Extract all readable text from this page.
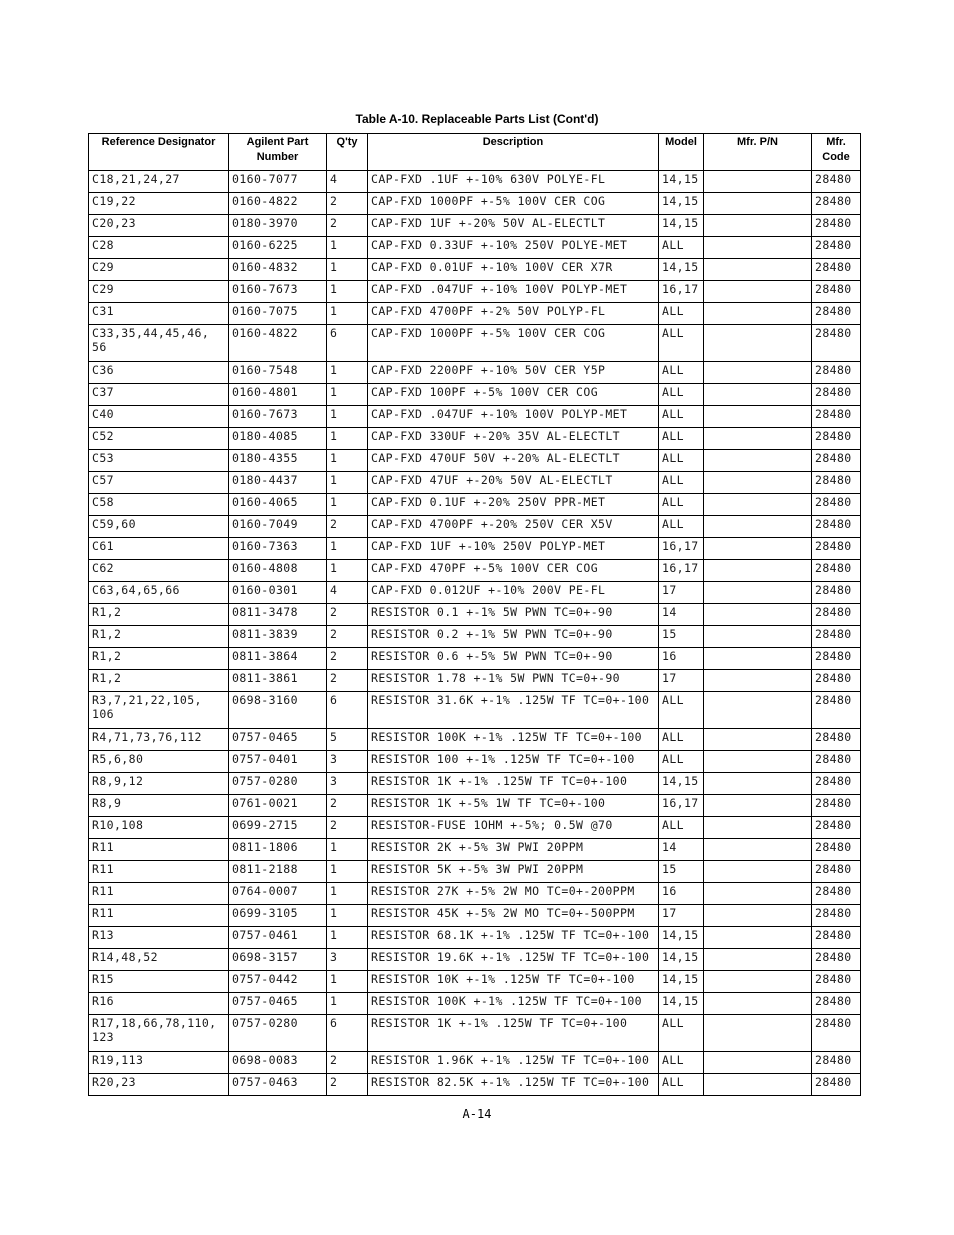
Table A-10. Replaceable Parts List (Cont'd)
Reference Designator	Agilent Part Number	Q'ty	Description	Model	Mfr. P/N	Mfr. Code
C18,21,24,27	0160-7077	4	CAP-FXD .1UF +-10% 630V POLYE-FL	14,15		28480
C19,22	0160-4822	2	CAP-FXD 1000PF +-5% 100V CER COG	14,15		28480
C20,23	0180-3970	2	CAP-FXD 1UF +-20% 50V AL-ELECTLT	14,15		28480
C28	0160-6225	1	CAP-FXD 0.33UF +-10% 250V POLYE-MET	ALL		28480
C29	0160-4832	1	CAP-FXD 0.01UF +-10% 100V CER X7R	14,15		28480
C29	0160-7673	1	CAP-FXD .047UF +-10% 100V POLYP-MET	16,17		28480
C31	0160-7075	1	CAP-FXD 4700PF +-2% 50V POLYP-FL	ALL		28480
C33,35,44,45,46, 56	0160-4822	6	CAP-FXD 1000PF +-5% 100V CER COG	ALL		28480
C36	0160-7548	1	CAP-FXD 2200PF +-10% 50V CER Y5P	ALL		28480
C37	0160-4801	1	CAP-FXD 100PF +-5% 100V CER COG	ALL		28480
C40	0160-7673	1	CAP-FXD .047UF +-10% 100V POLYP-MET	ALL		28480
C52	0180-4085	1	CAP-FXD 330UF +-20% 35V AL-ELECTLT	ALL		28480
C53	0180-4355	1	CAP-FXD 470UF 50V +-20% AL-ELECTLT	ALL		28480
C57	0180-4437	1	CAP-FXD 47UF +-20% 50V AL-ELECTLT	ALL		28480
C58	0160-4065	1	CAP-FXD 0.1UF +-20% 250V PPR-MET	ALL		28480
C59,60	0160-7049	2	CAP-FXD 4700PF +-20% 250V CER X5V	ALL		28480
C61	0160-7363	1	CAP-FXD 1UF +-10% 250V POLYP-MET	16,17		28480
C62	0160-4808	1	CAP-FXD 470PF +-5% 100V CER COG	16,17		28480
C63,64,65,66	0160-0301	4	CAP-FXD 0.012UF +-10% 200V PE-FL	17		28480
R1,2	0811-3478	2	RESISTOR 0.1 +-1% 5W PWN TC=0+-90	14		28480
R1,2	0811-3839	2	RESISTOR 0.2 +-1% 5W PWN TC=0+-90	15		28480
R1,2	0811-3864	2	RESISTOR 0.6 +-5% 5W PWN TC=0+-90	16		28480
R1,2	0811-3861	2	RESISTOR 1.78 +-1% 5W PWN TC=0+-90	17		28480
R3,7,21,22,105, 106	0698-3160	6	RESISTOR 31.6K +-1% .125W TF TC=0+-100	ALL		28480
R4,71,73,76,112	0757-0465	5	RESISTOR 100K +-1% .125W TF TC=0+-100	ALL		28480
R5,6,80	0757-0401	3	RESISTOR 100 +-1% .125W TF TC=0+-100	ALL		28480
R8,9,12	0757-0280	3	RESISTOR 1K +-1% .125W TF TC=0+-100	14,15		28480
R8,9	0761-0021	2	RESISTOR 1K +-5% 1W TF TC=0+-100	16,17		28480
R10,108	0699-2715	2	RESISTOR-FUSE 1OHM +-5%; 0.5W @70	ALL		28480
R11	0811-1806	1	RESISTOR 2K +-5% 3W PWI 20PPM	14		28480
R11	0811-2188	1	RESISTOR 5K +-5% 3W PWI 20PPM	15		28480
R11	0764-0007	1	RESISTOR 27K +-5% 2W MO TC=0+-200PPM	16		28480
R11	0699-3105	1	RESISTOR 45K +-5% 2W MO TC=0+-500PPM	17		28480
R13	0757-0461	1	RESISTOR 68.1K +-1% .125W TF TC=0+-100	14,15		28480
R14,48,52	0698-3157	3	RESISTOR 19.6K +-1% .125W TF TC=0+-100	14,15		28480
R15	0757-0442	1	RESISTOR 10K +-1% .125W TF TC=0+-100	14,15		28480
R16	0757-0465	1	RESISTOR 100K +-1% .125W TF TC=0+-100	14,15		28480
R17,18,66,78,110, 123	0757-0280	6	RESISTOR 1K +-1% .125W TF TC=0+-100	ALL		28480
R19,113	0698-0083	2	RESISTOR 1.96K +-1% .125W TF TC=0+-100	ALL		28480
R20,23	0757-0463	2	RESISTOR 82.5K +-1% .125W TF TC=0+-100	ALL		28480
A-14
